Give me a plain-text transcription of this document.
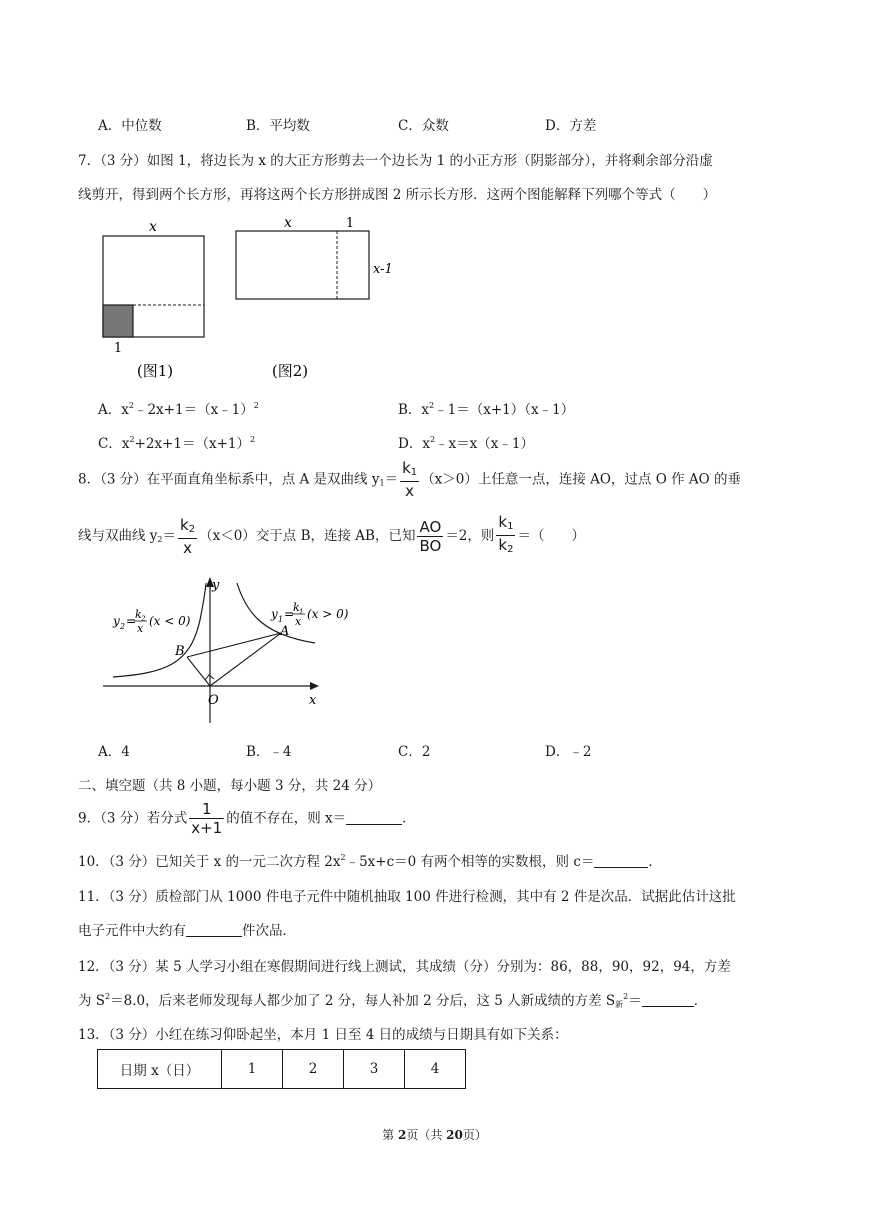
A．中位数	B．平均数	C．众数	D．方差
7．（3 分）如图 1，将边长为 x 的大正方形剪去一个边长为 1 的小正方形（阴影部分），并将剩余部分沿虚
线剪开，得到两个长方形，再将这两个长方形拼成图 2 所示长方形．这两个图能解释下列哪个等式（　　）
x
1
(图1)
x	1
x-1
(图2)
A．$x^2﹣2x+1=(x﹣1)^2$	B．$x^2﹣1=(x+1)(x﹣1)$
C．$x^2+2x+1=(x+1)^2$	D．$x^2﹣x=x(x﹣1)$
8．（3 分）在平面直角坐标系中，点 A 是双曲线 $y_1= \frac{k_1}{x} (x>0)$上任意一点，连接 AO，过点 O 作 AO 的垂
线与双曲线 $y_2= \frac{k_2}{x} (x<0)$交于点 B，连接 AB，已知 $\frac{AO}{BO} =2$，则 $\frac{k_1}{k_2}$ ＝（　　）
y
x
O
A
B
y 2 =
k 2
x
(x < 0)	y 1 =
k 1
x
(x > 0)
A．4	B．﹣4	C．2	D．﹣2
二、填空题（共 8 小题，每小题 3 分，共 24 分）
9．（3 分）若分式 $\frac{1}{x+1}$ 的值不存在，则 x＝	．
10．（3 分）已知关于 x 的一元二次方程 $2x^2﹣5x+c=0$ 有两个相等的实数根，则 c＝	．
11．（3 分）质检部门从 1000 件电子元件中随机抽取 100 件进行检测，其中有 2 件是次品．试据此估计这批
电子元件中大约有	件次品．
12．（3 分）某 5 人学习小组在寒假期间进行线上测试，其成绩（分）分别为：86，88，90，92，94，方差
为 $S^2=8.0$，后来老师发现每人都少加了 2 分，每人补加 2 分后，这 5 人新成绩的方差 $S_新^2=$	．
13．（3 分）小红在练习仰卧起坐，本月 1 日至 4 日的成绩与日期具有如下关系：
日期 x（日）	1	2	3	4
第 2页（共 20页）
